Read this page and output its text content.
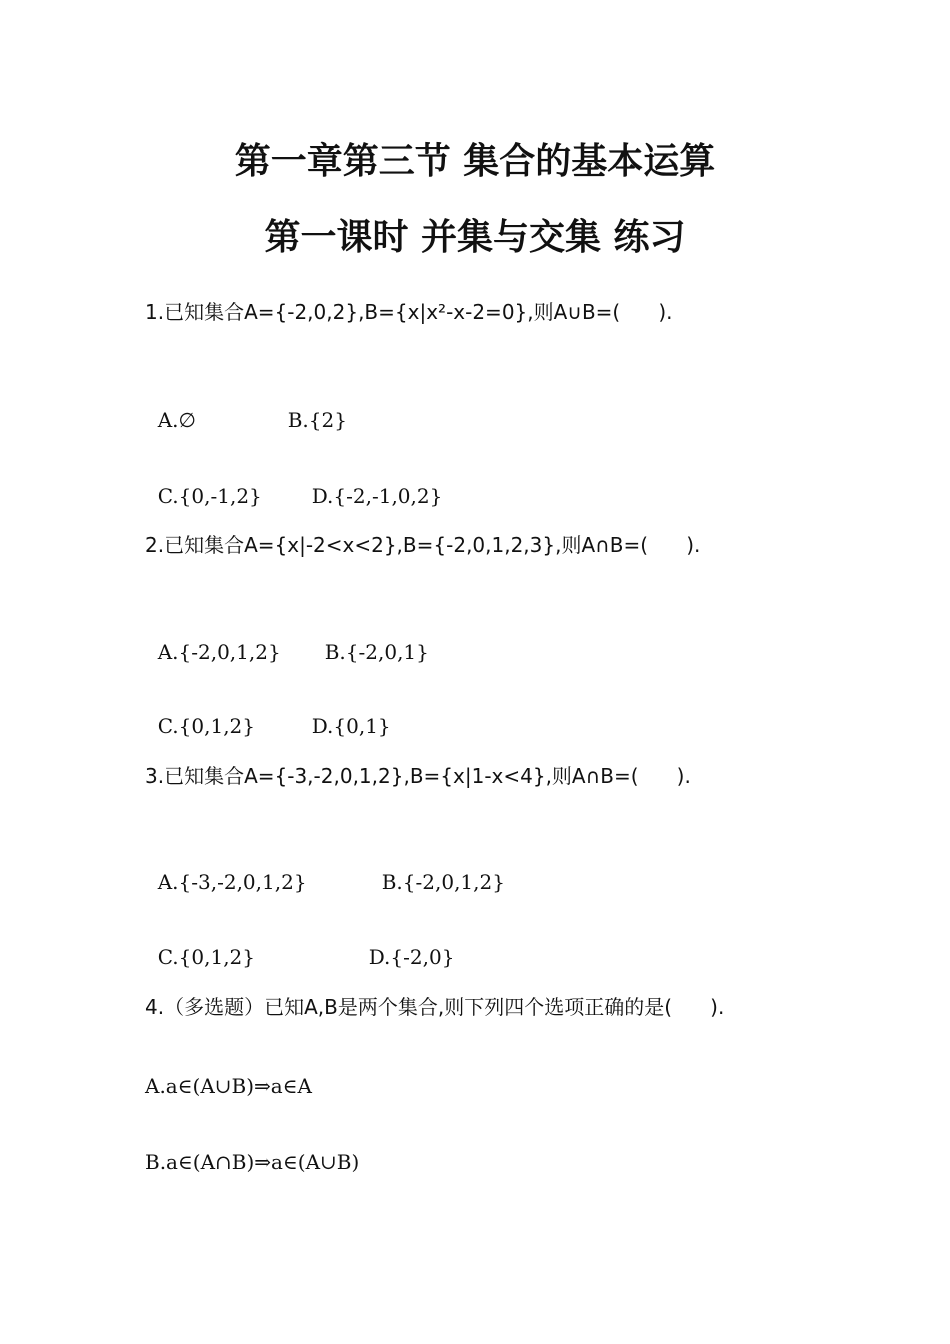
第一章第三节 集合的基本运算
第一课时 并集与交集 练习
1.已知集合A={-2,0,2},B={x|x²-x-2=0},则A∪B=(      ).

A.∅	B.{2}

C.{0,-1,2} D.{-2,-1,0,2}

2.已知集合A={x|-2<x<2},B={-2,0,1,2,3},则A∩B=(      ).

A.{-2,0,1,2} B.{-2,0,1}

C.{0,1,2}	D.{0,1}

3.已知集合A={-3,-2,0,1,2},B={x|1-x<4},则A∩B=(      ).

A.{-3,-2,0,1,2}	B.{-2,0,1,2}

C.{0,1,2}	D.{-2,0}

4.（多选题）已知A,B是两个集合,则下列四个选项正确的是(      ).
A.a∈(A∪B)⇒a∈A
B.a∈(A∩B)⇒a∈(A∪B)
